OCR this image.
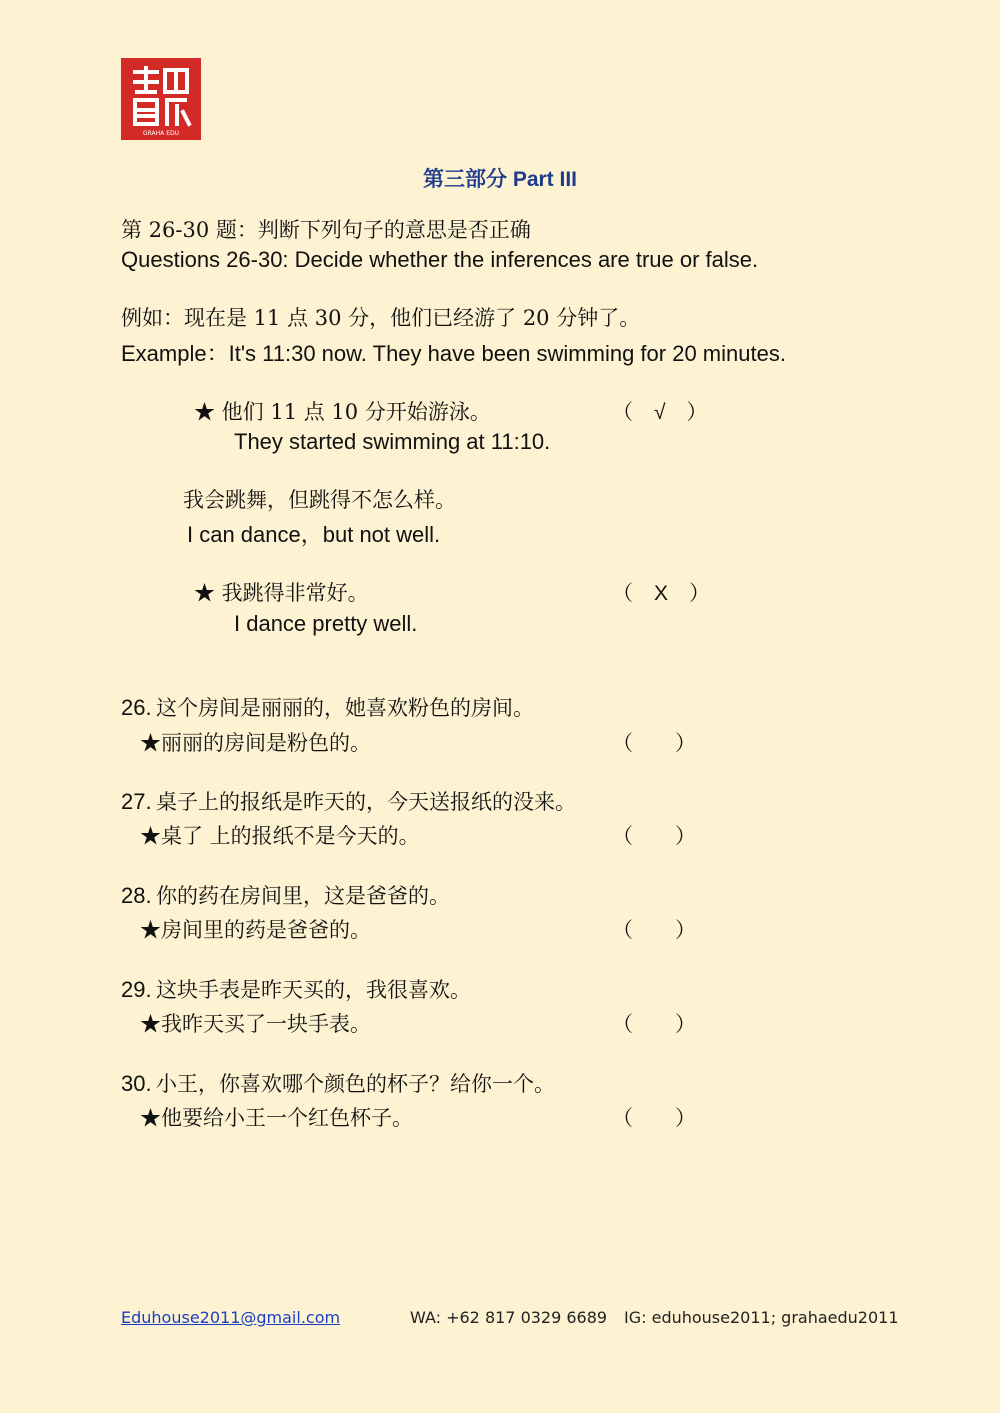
GRAHA EDU
第三部分 Part III
第 26-30 题：判断下列句子的意思是否正确
Questions 26-30: Decide whether the inferences are true or false.
例如：现在是 11 点 30 分，他们已经游了 20 分钟了。
Example：It's 11:30 now. They have been swimming for 20 minutes.
★ 他们 11 点 10 分开始游泳。	（　√　）
They started swimming at 11:10.
我会跳舞，但跳得不怎么样。
I can dance，but not well.
★ 我跳得非常好。	（　X　）
I dance pretty well.
26. 这个房间是丽丽的，她喜欢粉色的房间。
★丽丽的房间是粉色的。	（　　）
27. 桌子上的报纸是昨天的，今天送报纸的没来。
★桌了 上的报纸不是今天的。	（　　）
28. 你的药在房间里，这是爸爸的。
★房间里的药是爸爸的。	（　　）
29. 这块手表是昨天买的，我很喜欢。
★我昨天买了一块手表。	（　　）
30. 小王，你喜欢哪个颜色的杯子？给你一个。
★他要给小王一个红色杯子。	（　　）
Eduhouse2011@gmail.com	WA: +62 817 0329 6689 IG: eduhouse2011; grahaedu2011
